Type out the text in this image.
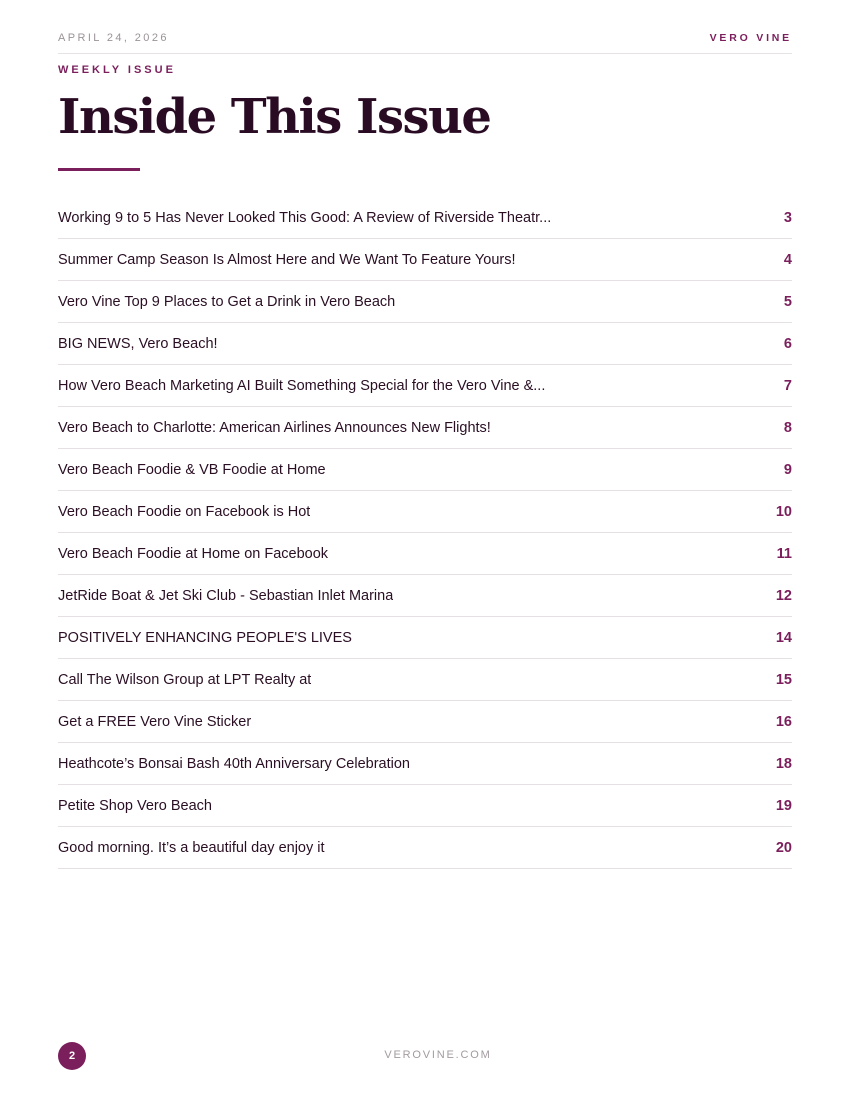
APRIL 24, 2026	VERO VINE
WEEKLY ISSUE
Inside This Issue
Working 9 to 5 Has Never Looked This Good: A Review of Riverside Theatr...	3
Summer Camp Season Is Almost Here and We Want To Feature Yours!	4
Vero Vine Top 9 Places to Get a Drink in Vero Beach	5
BIG NEWS, Vero Beach!	6
How Vero Beach Marketing AI Built Something Special for the Vero Vine &...	7
Vero Beach to Charlotte: American Airlines Announces New Flights!	8
Vero Beach Foodie & VB Foodie at Home	9
Vero Beach Foodie on Facebook is Hot	10
Vero Beach Foodie at Home on Facebook	11
JetRide Boat & Jet Ski Club - Sebastian Inlet Marina	12
POSITIVELY ENHANCING PEOPLE'S LIVES	14
Call The Wilson Group at LPT Realty at	15
Get a FREE Vero Vine Sticker	16
Heathcote’s Bonsai Bash 40th Anniversary Celebration	18
Petite Shop Vero Beach	19
Good morning. It’s a beautiful day enjoy it	20
2	VEROVINE.COM
